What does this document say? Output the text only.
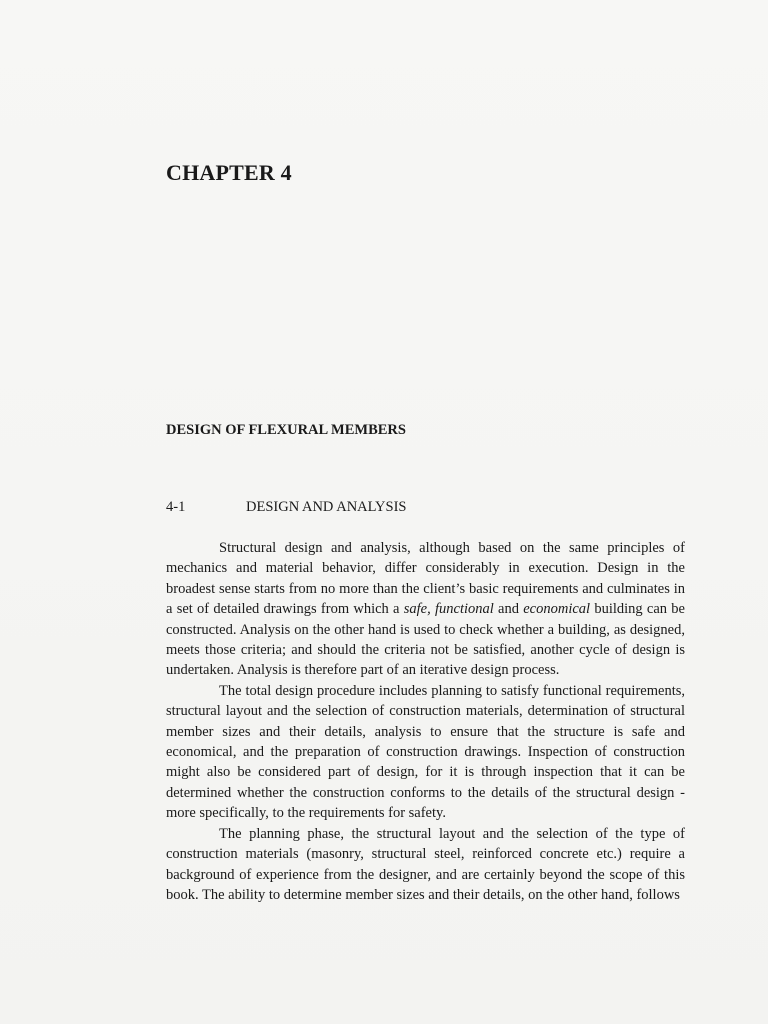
CHAPTER 4
DESIGN OF FLEXURAL MEMBERS
4-1	DESIGN AND ANALYSIS

Structural design and analysis, although based on the same principles of mechanics and material behavior, differ considerably in execution. Design in the broadest sense starts from no more than the client’s basic requirements and culminates in a set of detailed drawings from which a safe, functional and economical building can be constructed. Analysis on the other hand is used to check whether a building, as designed, meets those criteria; and should the criteria not be satisfied, another cycle of design is undertaken. Analysis is therefore part of an iterative design process.

The total design procedure includes planning to satisfy functional requirements, structural layout and the selection of construction materials, determination of structural member sizes and their details, analysis to ensure that the structure is safe and economical, and the preparation of construction drawings. Inspection of construction might also be considered part of design, for it is through inspection that it can be determined whether the construction conforms to the details of the structural design - more specifically, to the requirements for safety.

The planning phase, the structural layout and the selection of the type of construction materials (masonry, structural steel, reinforced concrete etc.) require a background of experience from the designer, and are certainly beyond the scope of this book. The ability to determine member sizes and their details, on the other hand, follows
